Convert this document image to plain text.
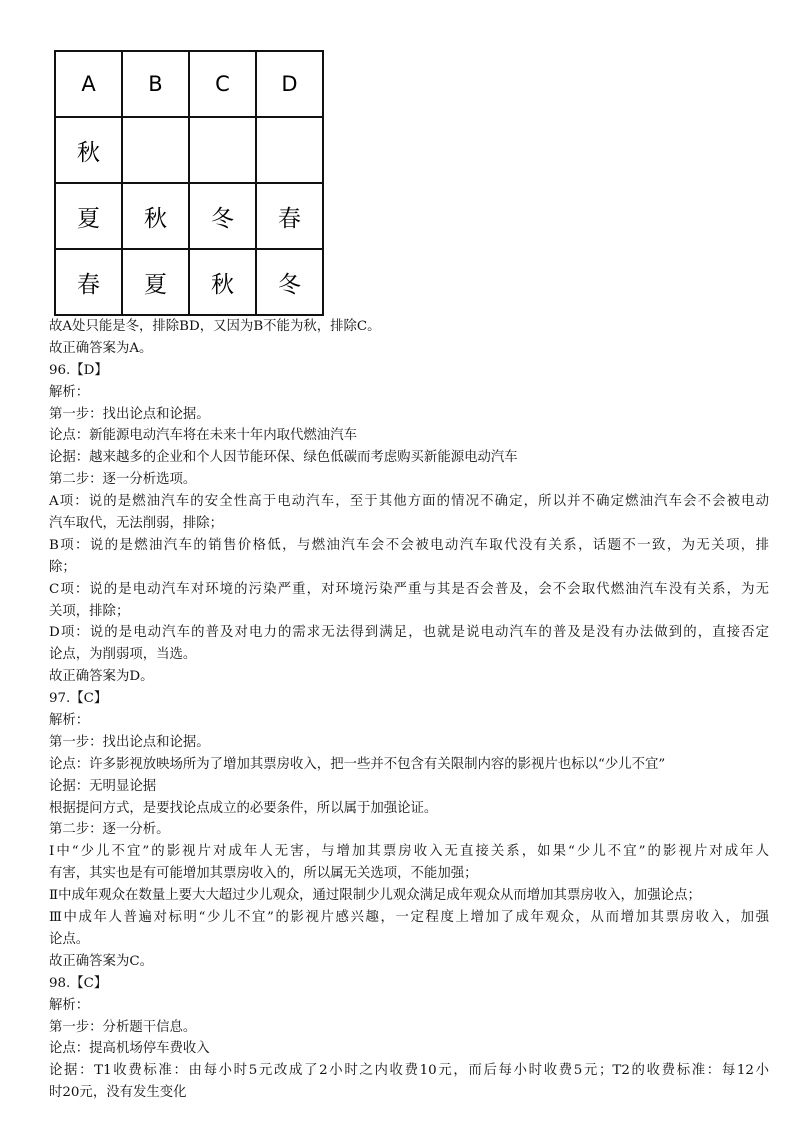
A	B	C	D
秋			
夏	秋	冬	春
春	夏	秋	冬
故A处只能是冬，排除BD，又因为B不能为秋，排除C。
故正确答案为A。
96.【D】
解析：
第一步：找出论点和论据。
论点：新能源电动汽车将在未来十年内取代燃油汽车
论据：越来越多的企业和个人因节能环保、绿色低碳而考虑购买新能源电动汽车
第二步：逐一分析选项。
A项：说的是燃油汽车的安全性高于电动汽车，至于其他方面的情况不确定，所以并不确定燃油汽车会不会被电动
汽车取代，无法削弱，排除；
B项：说的是燃油汽车的销售价格低，与燃油汽车会不会被电动汽车取代没有关系，话题不一致，为无关项，排
除；
C项：说的是电动汽车对环境的污染严重，对环境污染严重与其是否会普及，会不会取代燃油汽车没有关系，为无
关项，排除；
D项：说的是电动汽车的普及对电力的需求无法得到满足，也就是说电动汽车的普及是没有办法做到的，直接否定
论点，为削弱项，当选。
故正确答案为D。
97.【C】
解析：
第一步：找出论点和论据。
论点：许多影视放映场所为了增加其票房收入，把一些并不包含有关限制内容的影视片也标以“少儿不宜”
论据：无明显论据
根据提问方式，是要找论点成立的必要条件，所以属于加强论证。
第二步：逐一分析。
Ⅰ中“少儿不宜”的影视片对成年人无害，与增加其票房收入无直接关系，如果“少儿不宜”的影视片对成年人
有害，其实也是有可能增加其票房收入的，所以属无关选项，不能加强；
Ⅱ中成年观众在数量上要大大超过少儿观众，通过限制少儿观众满足成年观众从而增加其票房收入，加强论点；
Ⅲ中成年人普遍对标明“少儿不宜”的影视片感兴趣，一定程度上增加了成年观众，从而增加其票房收入，加强
论点。
故正确答案为C。
98.【C】
解析：
第一步：分析题干信息。
论点：提高机场停车费收入
论据：T1收费标准：由每小时5元改成了2小时之内收费10元，而后每小时收费5元；T2的收费标准：每12小
时20元，没有发生变化
